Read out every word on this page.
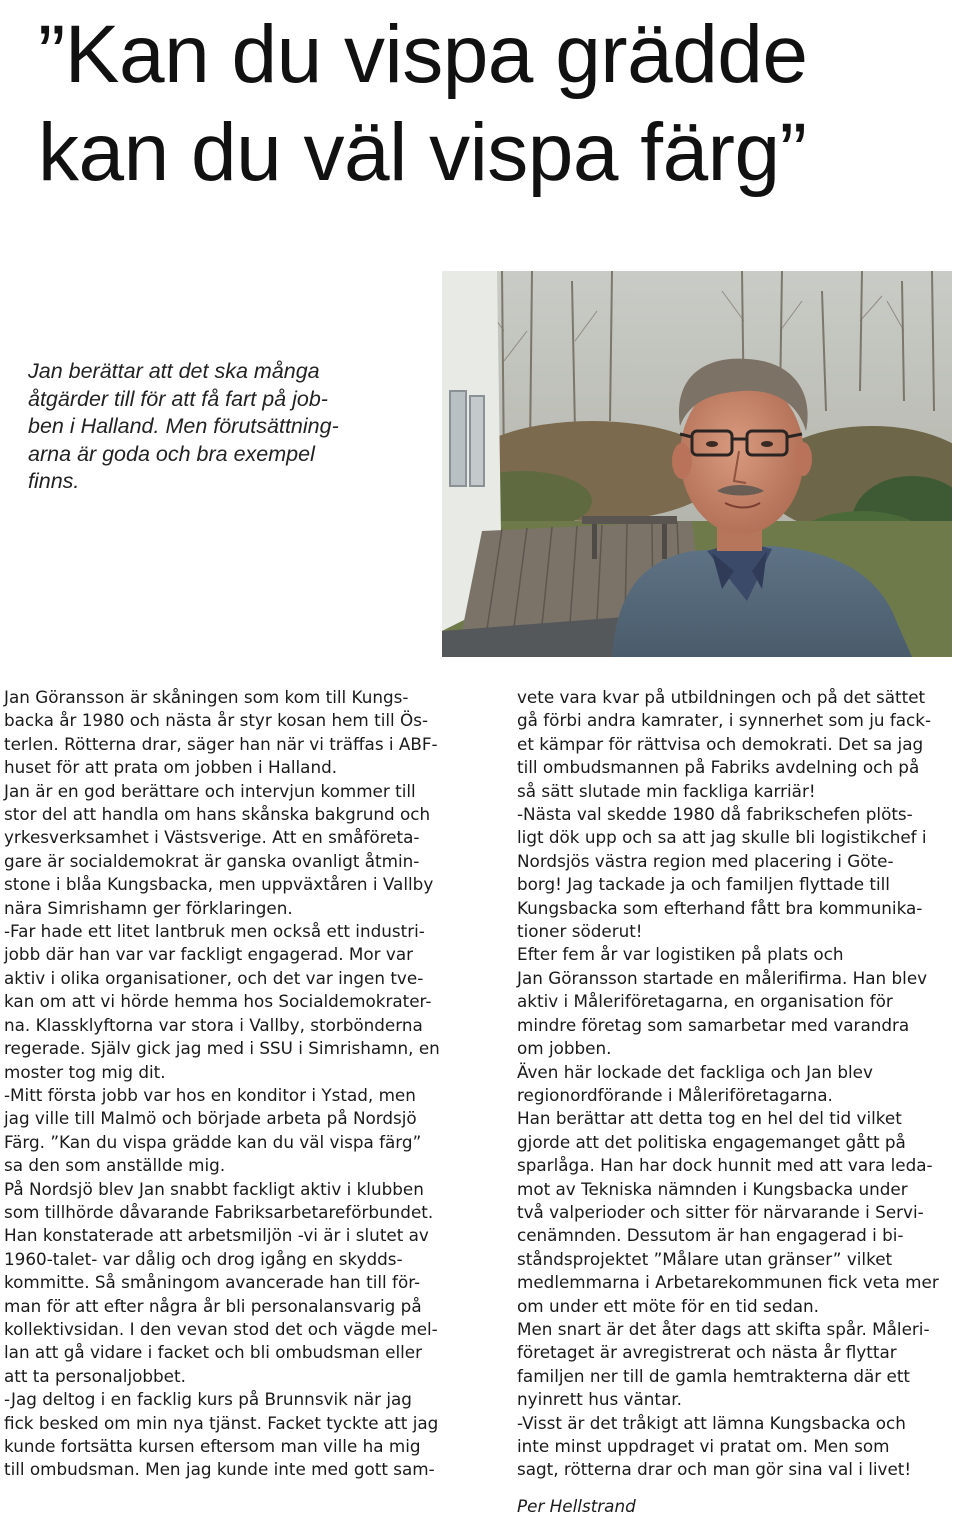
”Kan du vispa grädde
kan du väl vispa färg”
Jan berättar att det ska många
åtgärder till för att få fart på job-
ben i Halland. Men förutsättning-
arna är goda och bra exempel
finns.
Jan Göransson är skåningen som kom till Kungs-
backa år 1980 och nästa år styr kosan hem till Ös-
terlen. Rötterna drar, säger han när vi träffas i ABF-
huset för att prata om jobben i Halland.
Jan är en god berättare och intervjun kommer till
stor del att handla om hans skånska bakgrund och
yrkesverksamhet i Västsverige. Att en småföreta-
gare är socialdemokrat är ganska ovanligt åtmin-
stone i blåa Kungsbacka, men uppväxtåren i Vallby
nära Simrishamn ger förklaringen.
-Far hade ett litet lantbruk men också ett industri-
jobb där han var var fackligt engagerad. Mor var
aktiv i olika organisationer, och det var ingen tve-
kan om att vi hörde hemma hos Socialdemokrater-
na. Klassklyftorna var stora i Vallby, storbönderna
regerade. Själv gick jag med i SSU i Simrishamn, en
moster tog mig dit.
-Mitt första jobb var hos en konditor i Ystad, men
jag ville till Malmö och började arbeta på Nordsjö
Färg. ”Kan du vispa grädde kan du väl vispa färg”
sa den som anställde mig.
På Nordsjö blev Jan snabbt fackligt aktiv i klubben
som tillhörde dåvarande Fabriksarbetareförbundet.
Han konstaterade att arbetsmiljön -vi är i slutet av
1960-talet- var dålig och drog igång en skydds-
kommitte. Så småningom avancerade han till för-
man för att efter några år bli personalansvarig på
kollektivsidan. I den vevan stod det och vägde mel-
lan att gå vidare i facket och bli ombudsman eller
att ta personaljobbet.
-Jag deltog i en facklig kurs på Brunnsvik när jag
fick besked om min nya tjänst. Facket tyckte att jag
kunde fortsätta kursen eftersom man ville ha mig
till ombudsman. Men jag kunde inte med gott sam-
vete vara kvar på utbildningen och på det sättet
gå förbi andra kamrater, i synnerhet som ju fack-
et kämpar för rättvisa och demokrati. Det sa jag
till ombudsmannen på Fabriks avdelning och på
så sätt slutade min fackliga karriär!
-Nästa val skedde 1980 då fabrikschefen plöts-
ligt dök upp och sa att jag skulle bli logistikchef i
Nordsjös västra region med placering i Göte-
borg! Jag tackade ja och familjen flyttade till
Kungsbacka som efterhand fått bra kommunika-
tioner söderut!
Efter fem år var logistiken på plats och
Jan Göransson startade en målerifirma. Han blev
aktiv i Måleriföretagarna, en organisation för
mindre företag som samarbetar med varandra
om jobben.
Även här lockade det fackliga och Jan blev
regionordförande i Måleriföretagarna.
Han berättar att detta tog en hel del tid vilket
gjorde att det politiska engagemanget gått på
sparlåga. Han har dock hunnit med att vara leda-
mot av Tekniska nämnden i Kungsbacka under
två valperioder och sitter för närvarande i Servi-
cenämnden. Dessutom är han engagerad i bi-
ståndsprojektet ”Målare utan gränser” vilket
medlemmarna i Arbetarekommunen fick veta mer
om under ett möte för en tid sedan.
Men snart är det åter dags att skifta spår. Måleri-
företaget är avregistrerat och nästa år flyttar
familjen ner till de gamla hemtrakterna där ett
nyinrett hus väntar.
-Visst är det tråkigt att lämna Kungsbacka och
inte minst uppdraget vi pratat om. Men som
sagt, rötterna drar och man gör sina val i livet!
Per Hellstrand
